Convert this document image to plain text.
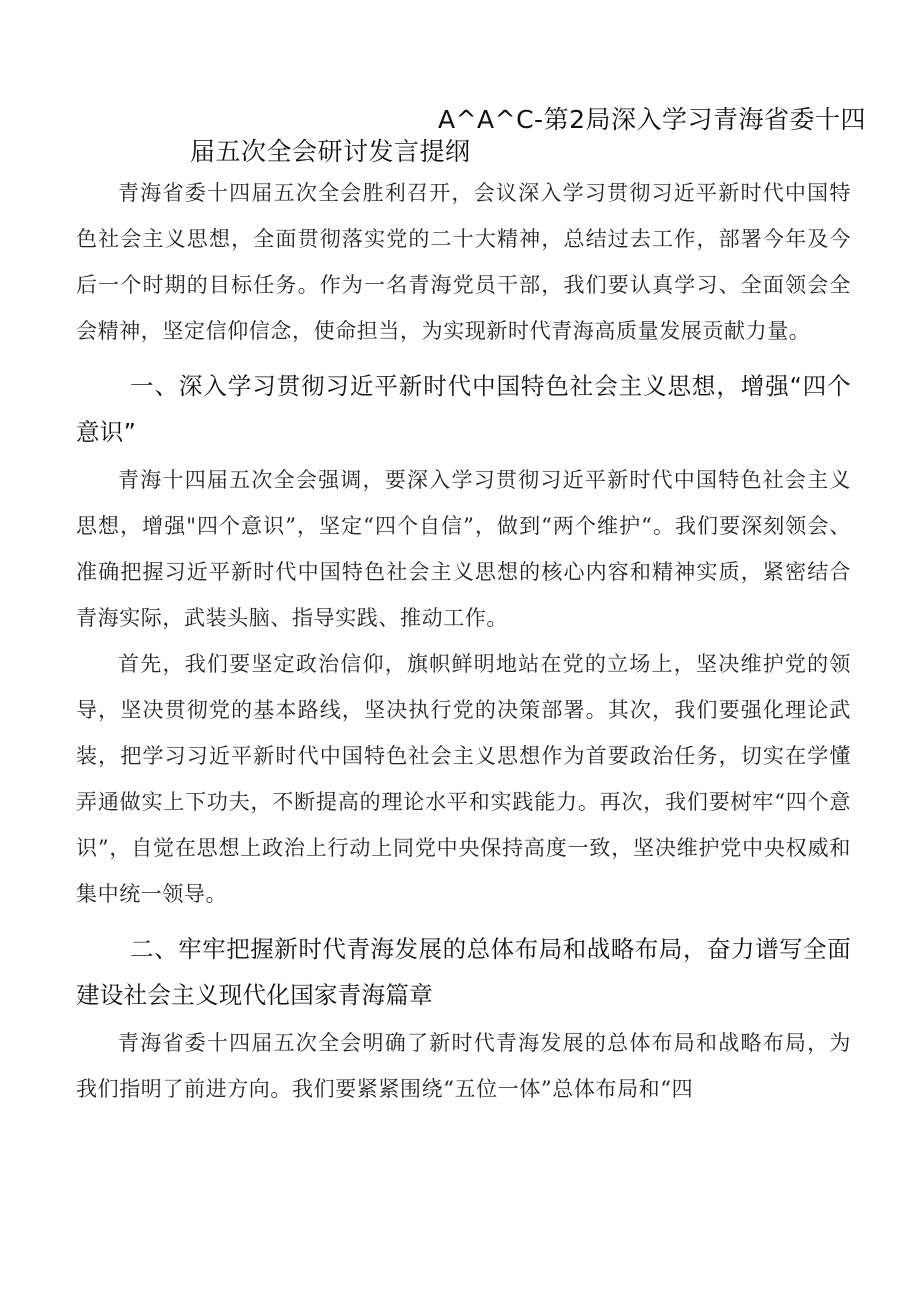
A^A^C-第2局深入学习青海省委十四
届五次全会研讨发言提纲

青海省委十四届五次全会胜利召开，会议深入学习贯彻习近平新时代中国特色社会主义思想，全面贯彻落实党的二十大精神，总结过去工作，部署今年及今后一个时期的目标任务。作为一名青海党员干部，我们要认真学习、全面领会全会精神，坚定信仰信念，使命担当，为实现新时代青海高质量发展贡献力量。

一、深入学习贯彻习近平新时代中国特色社会主义思想，增强“四个意识”

青海十四届五次全会强调，要深入学习贯彻习近平新时代中国特色社会主义思想，增强"四个意识”，坚定“四个自信”，做到“两个维护“。我们要深刻领会、准确把握习近平新时代中国特色社会主义思想的核心内容和精神实质，紧密结合青海实际，武装头脑、指导实践、推动工作。

首先，我们要坚定政治信仰，旗帜鲜明地站在党的立场上，坚决维护党的领导，坚决贯彻党的基本路线，坚决执行党的决策部署。其次，我们要强化理论武装，把学习习近平新时代中国特色社会主义思想作为首要政治任务，切实在学懂弄通做实上下功夫，不断提高的理论水平和实践能力。再次，我们要树牢“四个意识”，自觉在思想上政治上行动上同党中央保持高度一致，坚决维护党中央权威和集中统一领导。

二、牢牢把握新时代青海发展的总体布局和战略布局，奋力谱写全面建设社会主义现代化国家青海篇章

青海省委十四届五次全会明确了新时代青海发展的总体布局和战略布局，为我们指明了前进方向。我们要紧紧围绕“五位一体”总体布局和“四
